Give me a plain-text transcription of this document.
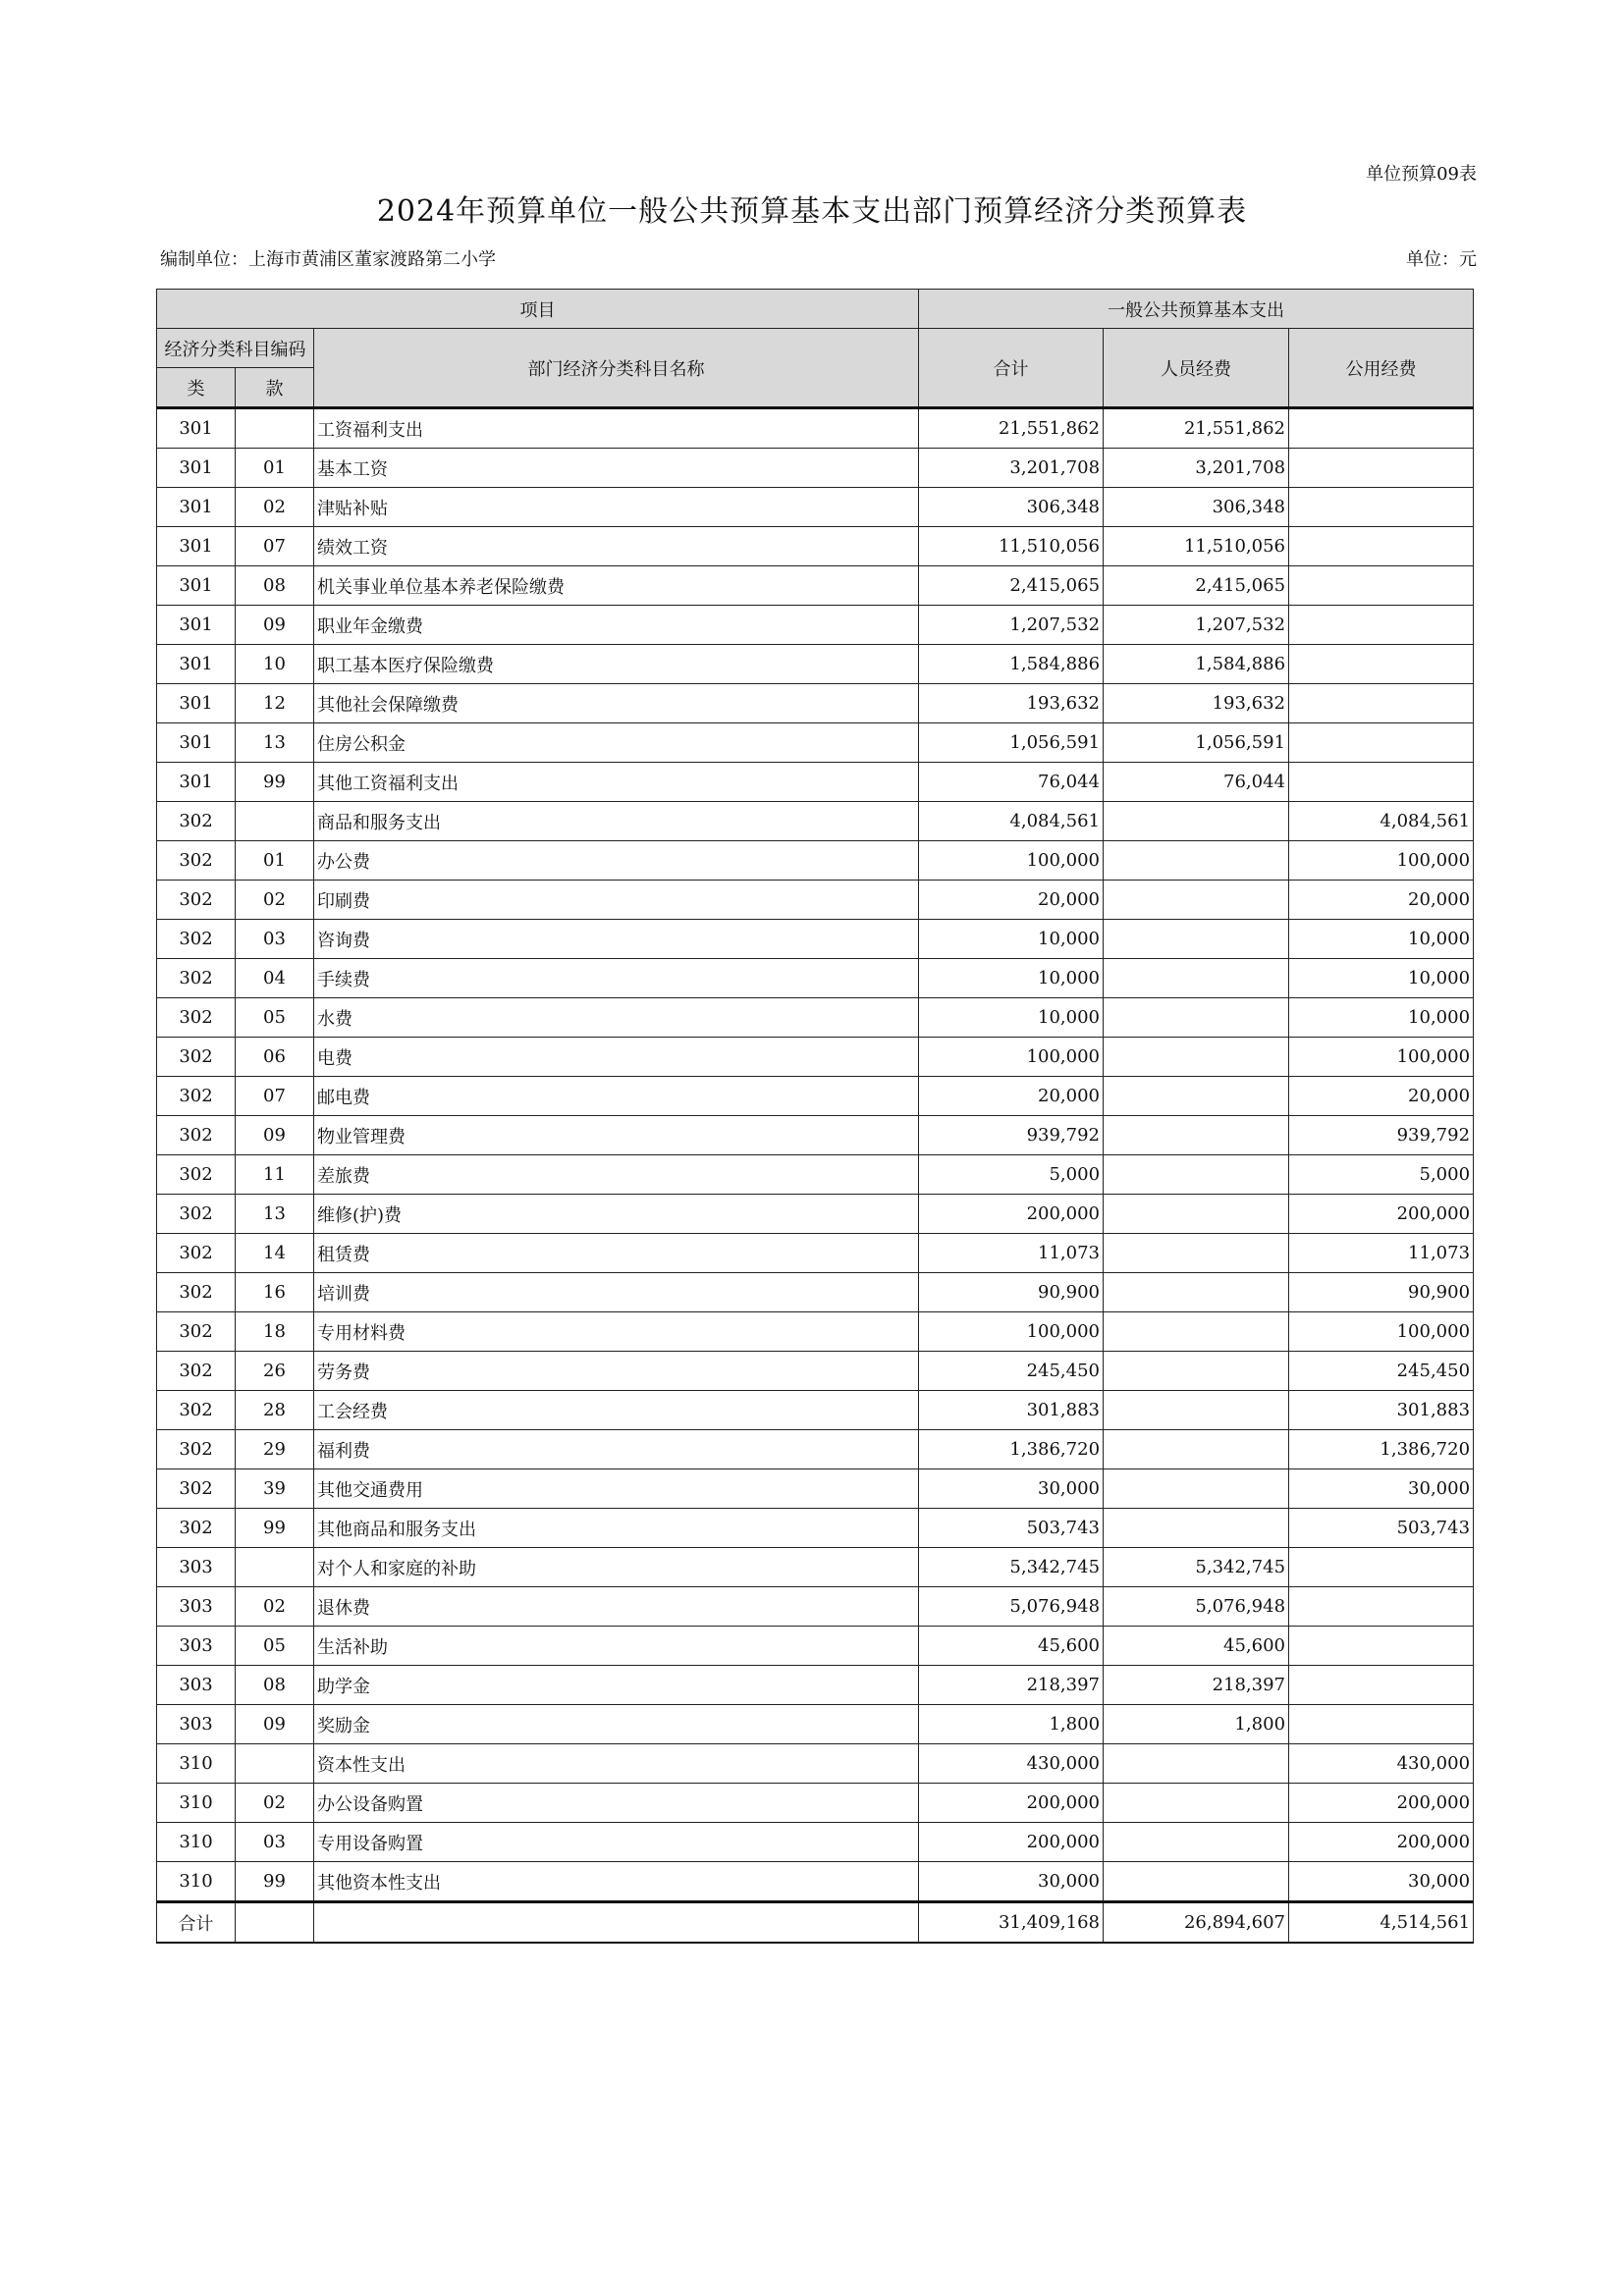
单位预算09表
2024年预算单位一般公共预算基本支出部门预算经济分类预算表
编制单位：上海市黄浦区董家渡路第二小学	单位：元
项目			一般公共预算基本支出		
经济分类科目编码		部门经济分类科目名称	合计	人员经费	公用经费
类	款				
301		工资福利支出	21,551,862	21,551,862	
301	01	基本工资	3,201,708	3,201,708	
301	02	津贴补贴	306,348	306,348	
301	07	绩效工资	11,510,056	11,510,056	
301	08	机关事业单位基本养老保险缴费	2,415,065	2,415,065	
301	09	职业年金缴费	1,207,532	1,207,532	
301	10	职工基本医疗保险缴费	1,584,886	1,584,886	
301	12	其他社会保障缴费	193,632	193,632	
301	13	住房公积金	1,056,591	1,056,591	
301	99	其他工资福利支出	76,044	76,044	
302		商品和服务支出	4,084,561		4,084,561
302	01	办公费	100,000		100,000
302	02	印刷费	20,000		20,000
302	03	咨询费	10,000		10,000
302	04	手续费	10,000		10,000
302	05	水费	10,000		10,000
302	06	电费	100,000		100,000
302	07	邮电费	20,000		20,000
302	09	物业管理费	939,792		939,792
302	11	差旅费	5,000		5,000
302	13	维修(护)费	200,000		200,000
302	14	租赁费	11,073		11,073
302	16	培训费	90,900		90,900
302	18	专用材料费	100,000		100,000
302	26	劳务费	245,450		245,450
302	28	工会经费	301,883		301,883
302	29	福利费	1,386,720		1,386,720
302	39	其他交通费用	30,000		30,000
302	99	其他商品和服务支出	503,743		503,743
303		对个人和家庭的补助	5,342,745	5,342,745	
303	02	退休费	5,076,948	5,076,948	
303	05	生活补助	45,600	45,600	
303	08	助学金	218,397	218,397	
303	09	奖励金	1,800	1,800	
310		资本性支出	430,000		430,000
310	02	办公设备购置	200,000		200,000
310	03	专用设备购置	200,000		200,000
310	99	其他资本性支出	30,000		30,000
合计			31,409,168	26,894,607	4,514,561
